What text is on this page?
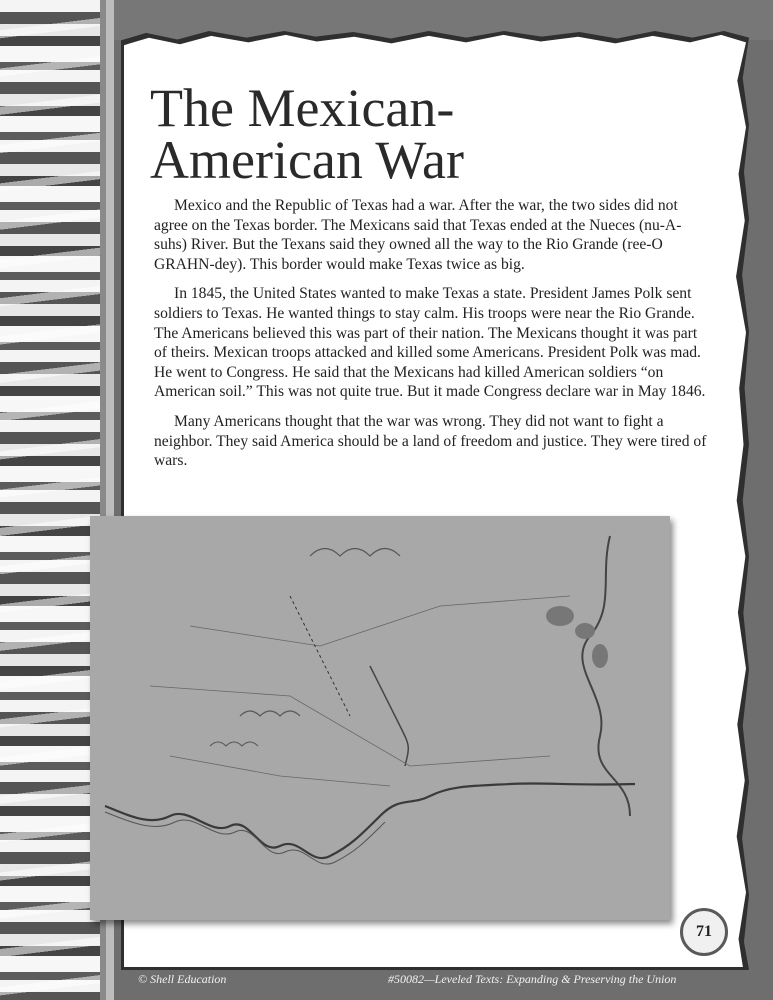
The Mexican-
American War

Mexico and the Republic of Texas had a war. After the war, the two sides did not agree on the Texas border. The Mexicans said that Texas ended at the Nueces (nu-A-suhs) River. But the Texans said they owned all the way to the Rio Grande (ree-O GRAHN-dey). This border would make Texas twice as big.

In 1845, the United States wanted to make Texas a state. President James Polk sent soldiers to Texas. He wanted things to stay calm. His troops were near the Rio Grande. The Americans believed this was part of their nation. The Mexicans thought it was part of theirs. Mexican troops attacked and killed some Americans. President Polk was mad. He went to Congress. He said that the Mexicans had killed American soldiers “on American soil.” This was not quite true. But it made Congress declare war in May 1846.

Many Americans thought that the war was wrong. They did not want to fight a neighbor. They said America should be a land of freedom and justice. They were tired of wars.

71
© Shell Education	#50082—Leveled Texts: Expanding & Preserving the Union
